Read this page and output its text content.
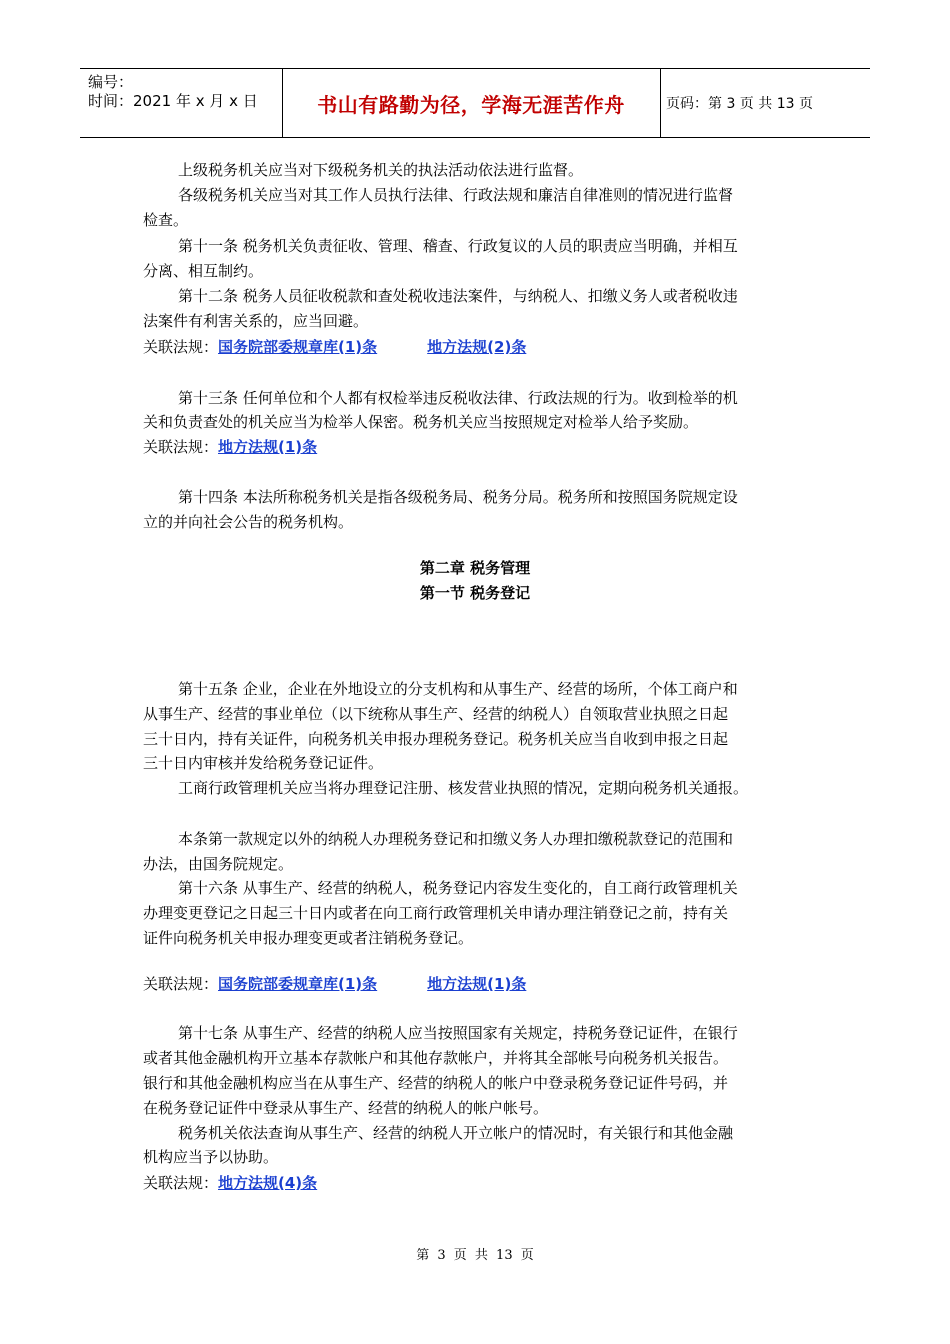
编号：
时间：2021 年 x 月 x 日	书山有路勤为径，学海无涯苦作舟	页码：第 3 页 共 13 页
上级税务机关应当对下级税务机关的执法活动依法进行监督。
各级税务机关应当对其工作人员执行法律、行政法规和廉洁自律准则的情况进行监督
检查。
第十一条 税务机关负责征收、管理、稽查、行政复议的人员的职责应当明确，并相互
分离、相互制约。
第十二条 税务人员征收税款和查处税收违法案件，与纳税人、扣缴义务人或者税收违
法案件有利害关系的，应当回避。
关联法规：国务院部委规章库(1)条	地方法规(2)条
第十三条 任何单位和个人都有权检举违反税收法律、行政法规的行为。收到检举的机
关和负责查处的机关应当为检举人保密。税务机关应当按照规定对检举人给予奖励。
关联法规：地方法规(1)条
第十四条 本法所称税务机关是指各级税务局、税务分局。税务所和按照国务院规定设
立的并向社会公告的税务机构。
第二章 税务管理
第一节 税务登记
第十五条 企业，企业在外地设立的分支机构和从事生产、经营的场所，个体工商户和
从事生产、经营的事业单位（以下统称从事生产、经营的纳税人）自领取营业执照之日起
三十日内，持有关证件，向税务机关申报办理税务登记。税务机关应当自收到申报之日起
三十日内审核并发给税务登记证件。
工商行政管理机关应当将办理登记注册、核发营业执照的情况，定期向税务机关通报。
本条第一款规定以外的纳税人办理税务登记和扣缴义务人办理扣缴税款登记的范围和
办法，由国务院规定。
第十六条 从事生产、经营的纳税人，税务登记内容发生变化的，自工商行政管理机关
办理变更登记之日起三十日内或者在向工商行政管理机关申请办理注销登记之前，持有关
证件向税务机关申报办理变更或者注销税务登记。
关联法规：国务院部委规章库(1)条	地方法规(1)条
第十七条 从事生产、经营的纳税人应当按照国家有关规定，持税务登记证件，在银行
或者其他金融机构开立基本存款帐户和其他存款帐户，并将其全部帐号向税务机关报告。
银行和其他金融机构应当在从事生产、经营的纳税人的帐户中登录税务登记证件号码，并
在税务登记证件中登录从事生产、经营的纳税人的帐户帐号。
税务机关依法查询从事生产、经营的纳税人开立帐户的情况时，有关银行和其他金融
机构应当予以协助。
关联法规：地方法规(4)条
第 3 页 共 13 页
